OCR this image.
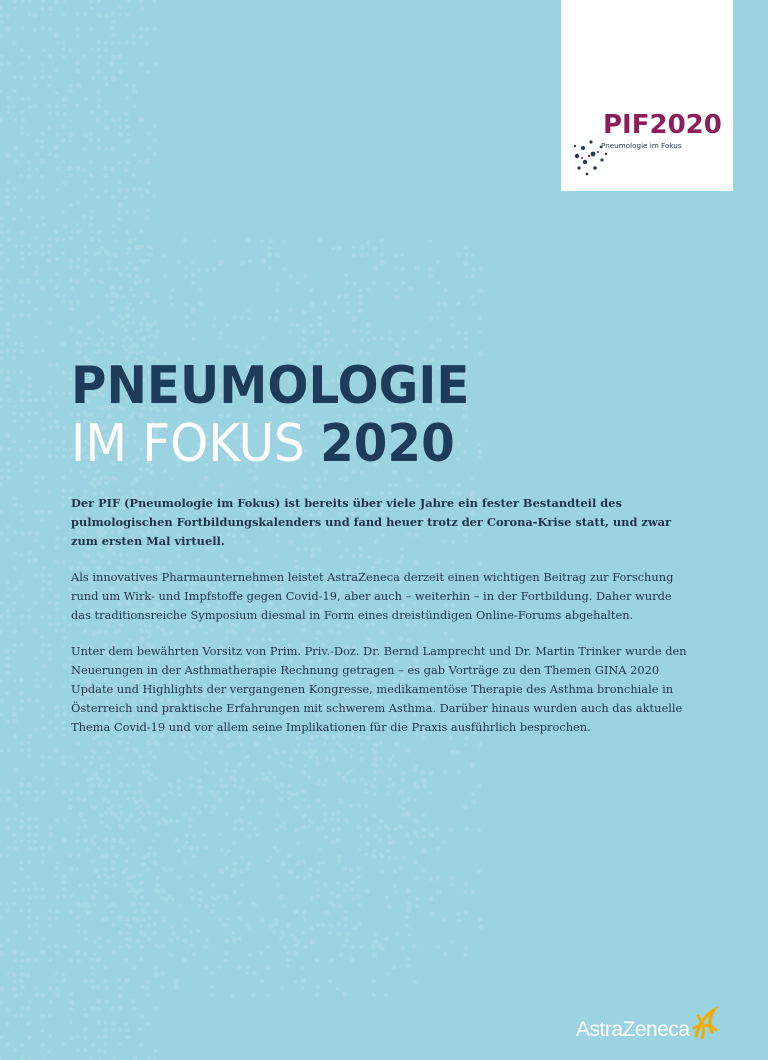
PIF2020
Pneumologie im Fokus
PNEUMOLOGIE
IM FOKUS 2020

Der PIF (Pneumologie im Fokus) ist bereits über viele Jahre ein fester Bestandteil des pulmologischen Fortbildungskalenders und fand heuer trotz der Corona-Krise statt, und zwar zum ersten Mal virtuell.

Als innovatives Pharmaunternehmen leistet AstraZeneca derzeit einen wichtigen Beitrag zur Forschung rund um Wirk- und Impfstoffe gegen Covid-19, aber auch – weiterhin – in der Fortbildung. Daher wurde das traditionsreiche Symposium diesmal in Form eines dreistündigen Online-Forums abgehalten.

Unter dem bewährten Vorsitz von Prim. Priv.-Doz. Dr. Bernd Lamprecht und Dr. Martin Trinker wurde den Neuerungen in der Asthmatherapie Rechnung getragen – es gab Vorträge zu den Themen GINA 2020 Update und Highlights der vergangenen Kongresse, medikamentöse Therapie des Asthma bronchiale in Österreich und praktische Erfahrungen mit schwerem Asthma. Darüber hinaus wurden auch das aktuelle Thema Covid-19 und vor allem seine Implikationen für die Praxis ausführlich besprochen.

AstraZeneca
